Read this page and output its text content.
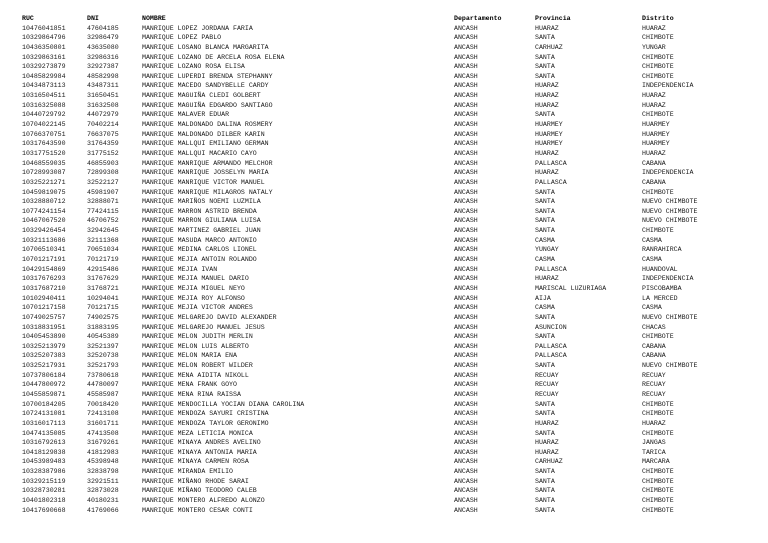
RUC	DNI	NOMBRE	Departamento	Provincia	Distrito
10476041851	47604185	MANRIQUE LOPEZ JORDANA FARIA	ANCASH	HUARAZ	HUARAZ
10329864796	32986479	MANRIQUE LOPEZ PABLO	ANCASH	SANTA	CHIMBOTE
10436350801	43635080	MANRIQUE LOSANO BLANCA MARGARITA	ANCASH	CARHUAZ	YUNGAR
10329863161	32986316	MANRIQUE LOZANO DE ARCELA ROSA ELENA	ANCASH	SANTA	CHIMBOTE
10329273879	32927387	MANRIQUE LOZANO ROSA ELISA	ANCASH	SANTA	CHIMBOTE
10485829984	48582998	MANRIQUE LUPERDI BRENDA STEPHANNY	ANCASH	SANTA	CHIMBOTE
10434873113	43487311	MANRIQUE MACEDO SANDYBELLE CARDY	ANCASH	HUARAZ	INDEPENDENCIA
10316504511	31650451	MANRIQUE MAGUIÑA CLEDI GOLBERT	ANCASH	HUARAZ	HUARAZ
10316325088	31632508	MANRIQUE MAGUIÑA EDGARDO SANTIAGO	ANCASH	HUARAZ	HUARAZ
10440729792	44072979	MANRIQUE MALAVER EDUAR	ANCASH	SANTA	CHIMBOTE
10704022145	70402214	MANRIQUE MALDONADO DALINA ROSMERY	ANCASH	HUARMEY	HUARMEY
10766370751	76637075	MANRIQUE MALDONADO DILBER KARIN	ANCASH	HUARMEY	HUARMEY
10317643590	31764359	MANRIQUE MALLQUI EMILIANO GERMAN	ANCASH	HUARMEY	HUARMEY
10317751520	31775152	MANRIQUE MALLQUI MACARIO CAYO	ANCASH	HUARAZ	HUARAZ
10468559035	46855903	MANRIQUE MANRIQUE ARMANDO MELCHOR	ANCASH	PALLASCA	CABANA
10728993087	72899308	MANRIQUE MANRIQUE JOSSELYN MARIA	ANCASH	HUARAZ	INDEPENDENCIA
10325221271	32522127	MANRIQUE MANRIQUE VICTOR MANUEL	ANCASH	PALLASCA	CABANA
10459819075	45981907	MANRIQUE MANRIQUE MILAGROS NATALY	ANCASH	SANTA	CHIMBOTE
10328880712	32888071	MANRIQUE MARIÑOS NOEMI LUZMILA	ANCASH	SANTA	NUEVO CHIMBOTE
10774241154	77424115	MANRIQUE MARRON ASTRID BRENDA	ANCASH	SANTA	NUEVO CHIMBOTE
10467067520	46706752	MANRIQUE MARRON GIULIANA LUISA	ANCASH	SANTA	NUEVO CHIMBOTE
10329426454	32942645	MANRIQUE MARTINEZ GABRIEL JUAN	ANCASH	SANTA	CHIMBOTE
10321113686	32111368	MANRIQUE MASUDA MARCO ANTONIO	ANCASH	CASMA	CASMA
10706510341	70651034	MANRIQUE MEDINA CARLOS LIONEL	ANCASH	YUNGAY	RANRAHIRCA
10701217191	70121719	MANRIQUE MEJIA ANTOIN ROLANDO	ANCASH	CASMA	CASMA
10429154869	42915486	MANRIQUE MEJIA IVAN	ANCASH	PALLASCA	HUANDOVAL
10317676293	31767629	MANRIQUE MEJIA MANUEL DARIO	ANCASH	HUARAZ	INDEPENDENCIA
10317687210	31768721	MANRIQUE MEJIA MIGUEL NEYO	ANCASH	MARISCAL LUZURIAGA	PISCOBAMBA
10102940411	10294041	MANRIQUE MEJIA ROY ALFONSO	ANCASH	AIJA	LA MERCED
10701217158	70121715	MANRIQUE MEJIA VICTOR ANDRES	ANCASH	CASMA	CASMA
10749025757	74902575	MANRIQUE MELGAREJO DAVID ALEXANDER	ANCASH	SANTA	NUEVO CHIMBOTE
10318831951	31883195	MANRIQUE MELGAREJO MANUEL JESUS	ANCASH	ASUNCION	CHACAS
10405453890	40545389	MANRIQUE MELON JUDITH MERLIN	ANCASH	SANTA	CHIMBOTE
10325213979	32521397	MANRIQUE MELON LUIS ALBERTO	ANCASH	PALLASCA	CABANA
10325207383	32520738	MANRIQUE MELON MARIA ENA	ANCASH	PALLASCA	CABANA
10325217931	32521793	MANRIQUE MELON ROBERT WILDER	ANCASH	SANTA	NUEVO CHIMBOTE
10737806184	73780618	MANRIQUE MENA AIDITA NIKOLL	ANCASH	RECUAY	RECUAY
10447800972	44780097	MANRIQUE MENA FRANK GOYO	ANCASH	RECUAY	RECUAY
10455859871	45585987	MANRIQUE MENA RINA RAISSA	ANCASH	RECUAY	RECUAY
10700184205	70018420	MANRIQUE MENDOCILLA YOCIAN DIANA CAROLINA	ANCASH	SANTA	CHIMBOTE
10724131081	72413108	MANRIQUE MENDOZA SAYURI CRISTINA	ANCASH	SANTA	CHIMBOTE
10316017113	31601711	MANRIQUE MENDOZA TAYLOR GERONIMO	ANCASH	HUARAZ	HUARAZ
10474135085	47413508	MANRIQUE MEZA LETICIA MONICA	ANCASH	SANTA	CHIMBOTE
10316792613	31679261	MANRIQUE MINAYA ANDRES AVELINO	ANCASH	HUARAZ	JANGAS
10418129838	41812983	MANRIQUE MINAYA ANTONIA MARIA	ANCASH	HUARAZ	TARICA
10453989483	45398948	MANRIQUE MINAYA CARMEN ROSA	ANCASH	CARHUAZ	MARCARA
10328387986	32838798	MANRIQUE MIRANDA EMILIO	ANCASH	SANTA	CHIMBOTE
10329215119	32921511	MANRIQUE MIÑANO RHODE SARAI	ANCASH	SANTA	CHIMBOTE
10328730281	32873028	MANRIQUE MIÑANO TEODORO CALEB	ANCASH	SANTA	CHIMBOTE
10401802318	40180231	MANRIQUE MONTERO ALFREDO ALONZO	ANCASH	SANTA	CHIMBOTE
10417690668	41769066	MANRIQUE MONTERO CESAR CONTI	ANCASH	SANTA	CHIMBOTE
